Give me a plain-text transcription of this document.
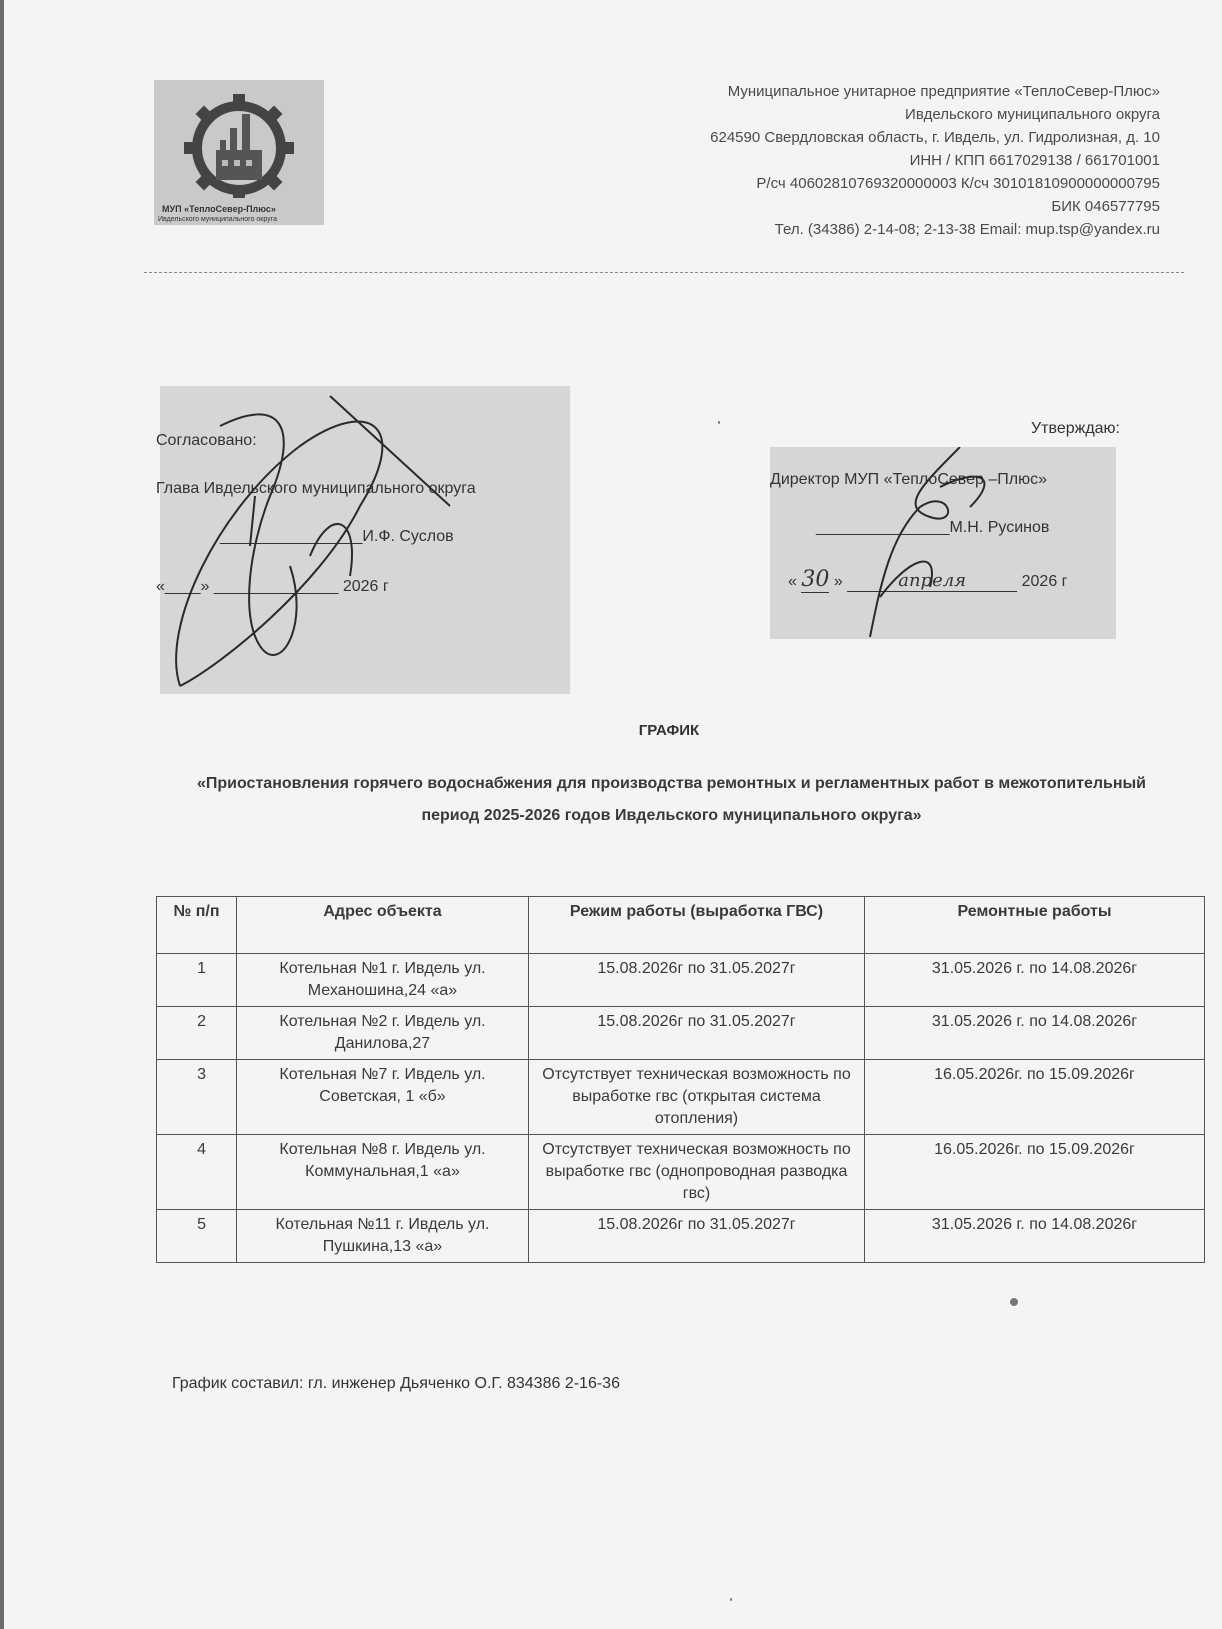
МУП «ТеплоСевер-Плюс»
Ивдельского муниципального округа
Муниципальное унитарное предприятие «ТеплоСевер-Плюс»
Ивдельского муниципального округа
624590 Свердловская область, г. Ивдель, ул. Гидролизная, д. 10
ИНН / КПП 6617029138 / 661701001
Р/сч 40602810769320000003 К/сч 30101810900000000795
БИК 046577795
Тел. (34386) 2-14-08; 2-13-38 Email: mup.tsp@yandex.ru
Согласовано:
Глава Ивдельского муниципального округа
________________И.Ф. Суслов
«____» ______________ 2026 г
Утверждаю:
Директор МУП «ТеплоСевер –Плюс»
_______________М.Н. Русинов
« 30 »	апреля	2026 г
ГРАФИК
«Приостановления горячего водоснабжения для производства ремонтных и регламентных работ в межотопительный период 2025-2026 годов Ивдельского муниципального округа»
№ п/п	Адрес объекта	Режим работы (выработка ГВС)	Ремонтные работы
1	Котельная №1 г. Ивдель ул. Механошина,24 «а»	15.08.2026г по 31.05.2027г	31.05.2026 г. по 14.08.2026г
2	Котельная №2 г. Ивдель ул. Данилова,27	15.08.2026г по 31.05.2027г	31.05.2026 г. по 14.08.2026г
3	Котельная №7 г. Ивдель ул. Советская, 1 «б»	Отсутствует техническая возможность по выработке гвс (открытая система отопления)	16.05.2026г. по 15.09.2026г
4	Котельная №8 г. Ивдель ул. Коммунальная,1 «а»	Отсутствует техническая возможность по выработке гвс (однопроводная разводка гвс)	16.05.2026г. по 15.09.2026г
5	Котельная №11 г. Ивдель ул. Пушкина,13 «а»	15.08.2026г по 31.05.2027г	31.05.2026 г. по 14.08.2026г
График составил: гл. инженер Дьяченко О.Г. 834386 2-16-36
